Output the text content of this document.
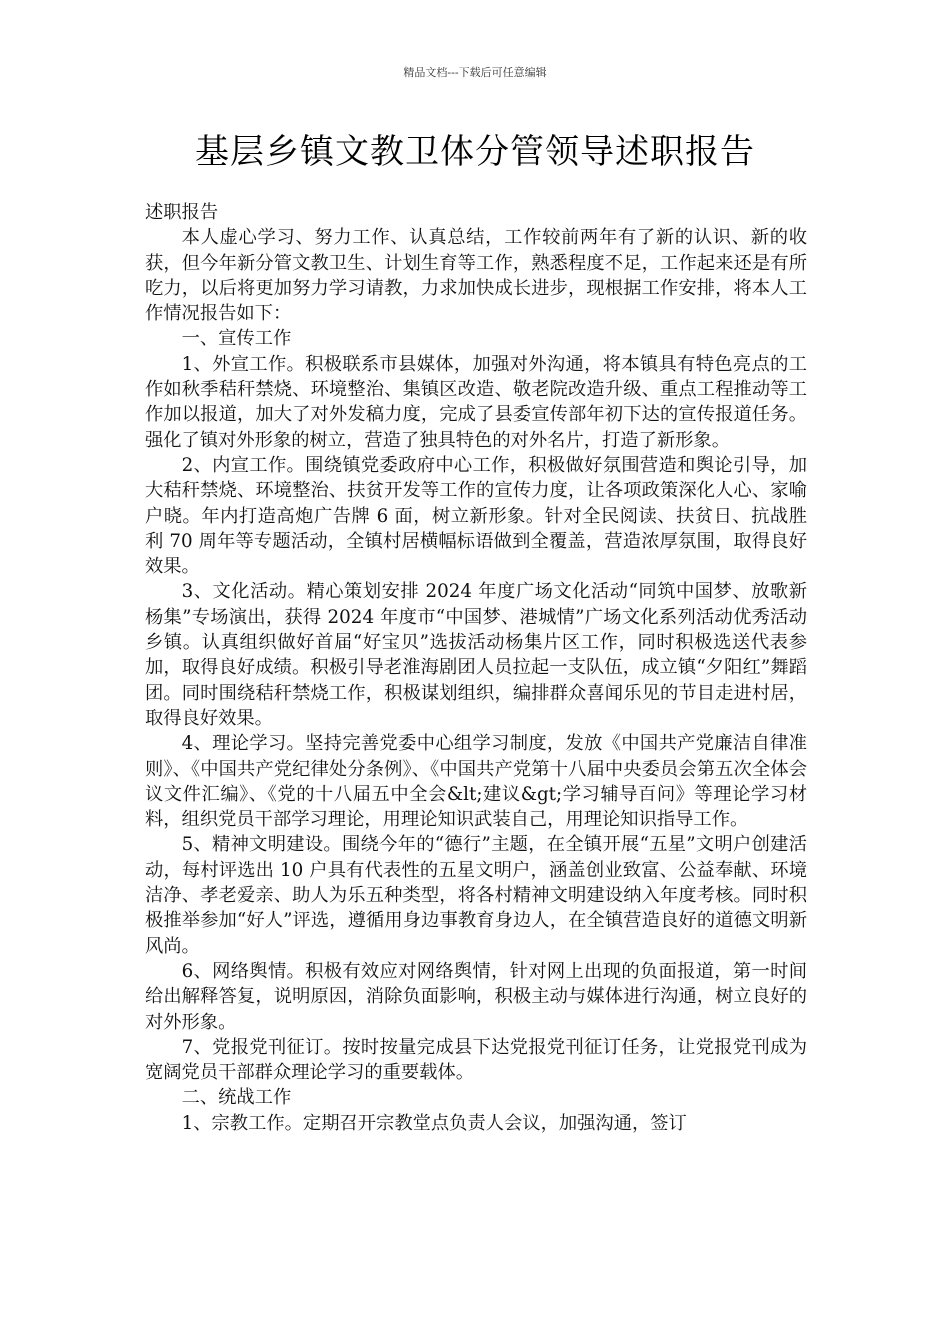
精品文档---下载后可任意编辑
基层乡镇文教卫体分管领导述职报告

述职报告

本人虚心学习、努力工作、认真总结，工作较前两年有了新的认识、新的收获，但今年新分管文教卫生、计划生育等工作，熟悉程度不足，工作起来还是有所吃力，以后将更加努力学习请教，力求加快成长进步，现根据工作安排，将本人工作情况报告如下：

一、宣传工作

1、外宣工作。积极联系市县媒体，加强对外沟通，将本镇具有特色亮点的工作如秋季秸秆禁烧、环境整治、集镇区改造、敬老院改造升级、重点工程推动等工作加以报道，加大了对外发稿力度，完成了县委宣传部年初下达的宣传报道任务。强化了镇对外形象的树立，营造了独具特色的对外名片，打造了新形象。

2、内宣工作。围绕镇党委政府中心工作，积极做好氛围营造和舆论引导，加大秸秆禁烧、环境整治、扶贫开发等工作的宣传力度，让各项政策深化人心、家喻户晓。年内打造高炮广告牌 6 面，树立新形象。针对全民阅读、扶贫日、抗战胜利 70 周年等专题活动，全镇村居横幅标语做到全覆盖，营造浓厚氛围，取得良好效果。

3、文化活动。精心策划安排 2024 年度广场文化活动“同筑中国梦、放歌新杨集”专场演出，获得 2024 年度市“中国梦、港城情”广场文化系列活动优秀活动乡镇。认真组织做好首届“好宝贝”选拔活动杨集片区工作，同时积极选送代表参加，取得良好成绩。积极引导老淮海剧团人员拉起一支队伍，成立镇“夕阳红”舞蹈团。同时围绕秸秆禁烧工作，积极谋划组织，编排群众喜闻乐见的节目走进村居，取得良好效果。

4、理论学习。坚持完善党委中心组学习制度，发放《中国共产党廉洁自律准则》、《中国共产党纪律处分条例》、《中国共产党第十八届中央委员会第五次全体会议文件汇编》、《党的十八届五中全会&lt;建议&gt;学习辅导百问》等理论学习材料，组织党员干部学习理论，用理论知识武装自己，用理论知识指导工作。

5、精神文明建设。围绕今年的“德行”主题，在全镇开展“五星”文明户创建活动，每村评选出 10 户具有代表性的五星文明户，涵盖创业致富、公益奉献、环境洁净、孝老爱亲、助人为乐五种类型，将各村精神文明建设纳入年度考核。同时积极推举参加“好人”评选，遵循用身边事教育身边人，在全镇营造良好的道德文明新风尚。

6、网络舆情。积极有效应对网络舆情，针对网上出现的负面报道，第一时间给出解释答复，说明原因，消除负面影响，积极主动与媒体进行沟通，树立良好的对外形象。

7、党报党刊征订。按时按量完成县下达党报党刊征订任务，让党报党刊成为宽阔党员干部群众理论学习的重要载体。

二、统战工作

1、宗教工作。定期召开宗教堂点负责人会议，加强沟通，签订
